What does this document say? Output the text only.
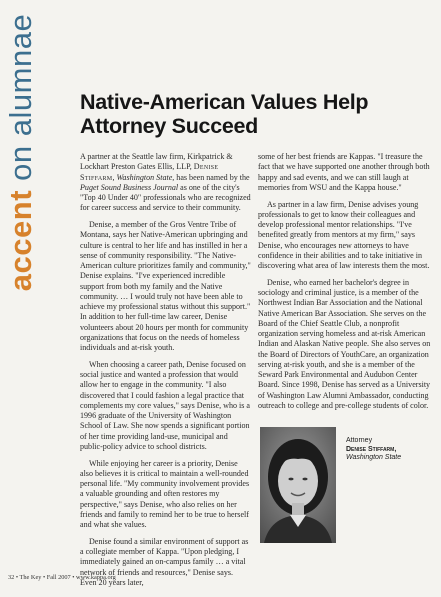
accent on alumnae Native-American Values Help Attorney Succeed

A partner at the Seattle law firm, Kirkpatrick & Lockhart Preston Gates Ellis, LLP, Denise Stiffarm, Washington State, has been named by the Puget Sound Business Journal as one of the city's "Top 40 Under 40" professionals who are recognized for career success and service to their community.

Denise, a member of the Gros Ventre Tribe of Montana, says her Native-American upbringing and culture is central to her life and has instilled in her a sense of community responsibility. "The Native-American culture prioritizes family and community," Denise explains. "I've experienced incredible support from both my family and the Native community. … I would truly not have been able to achieve my professional status without this support." In addition to her full-time law career, Denise volunteers about 20 hours per month for community organizations that focus on the needs of homeless individuals and at-risk youth.

When choosing a career path, Denise focused on social justice and wanted a profession that would allow her to engage in the community. "I also discovered that I could fashion a legal practice that complements my core values," says Denise, who is a 1996 graduate of the University of Washington School of Law. She now spends a significant portion of her time providing land-use, municipal and public-policy advice to school districts.

While enjoying her career is a priority, Denise also believes it is critical to maintain a well-rounded personal life. "My community involvement provides a valuable grounding and often restores my perspective," says Denise, who also relies on her friends and family to remind her to be true to herself and what she values.

Denise found a similar environment of support as a collegiate member of Kappa. "Upon pledging, I immediately gained an on-campus family … a vital network of friends and resources," Denise says. Even 20 years later,

some of her best friends are Kappas. "I treasure the fact that we have supported one another through both happy and sad events, and we can still laugh at memories from WSU and the Kappa house."

As partner in a law firm, Denise advises young professionals to get to know their colleagues and develop professional mentor relationships. "I've benefited greatly from mentors at my firm," says Denise, who encourages new attorneys to have confidence in their abilities and to take initiative in discovering what area of law interests them the most.

Denise, who earned her bachelor's degree in sociology and criminal justice, is a member of the Northwest Indian Bar Association and the National Native American Bar Association. She serves on the Board of the Chief Seattle Club, a nonprofit organization serving homeless and at-risk American Indian and Alaskan Native people. She also serves on the Board of Directors of YouthCare, an organization serving at-risk youth, and she is a member of the Seward Park Environmental and Audubon Center Board. Since 1998, Denise has served as a University of Washington Law Alumni Ambassador, conducting outreach to college and pre-college students of color.

Attorney
Denise Stiffarm,
Washington State
32 • The Key • Fall 2007 • www.kappa.org
